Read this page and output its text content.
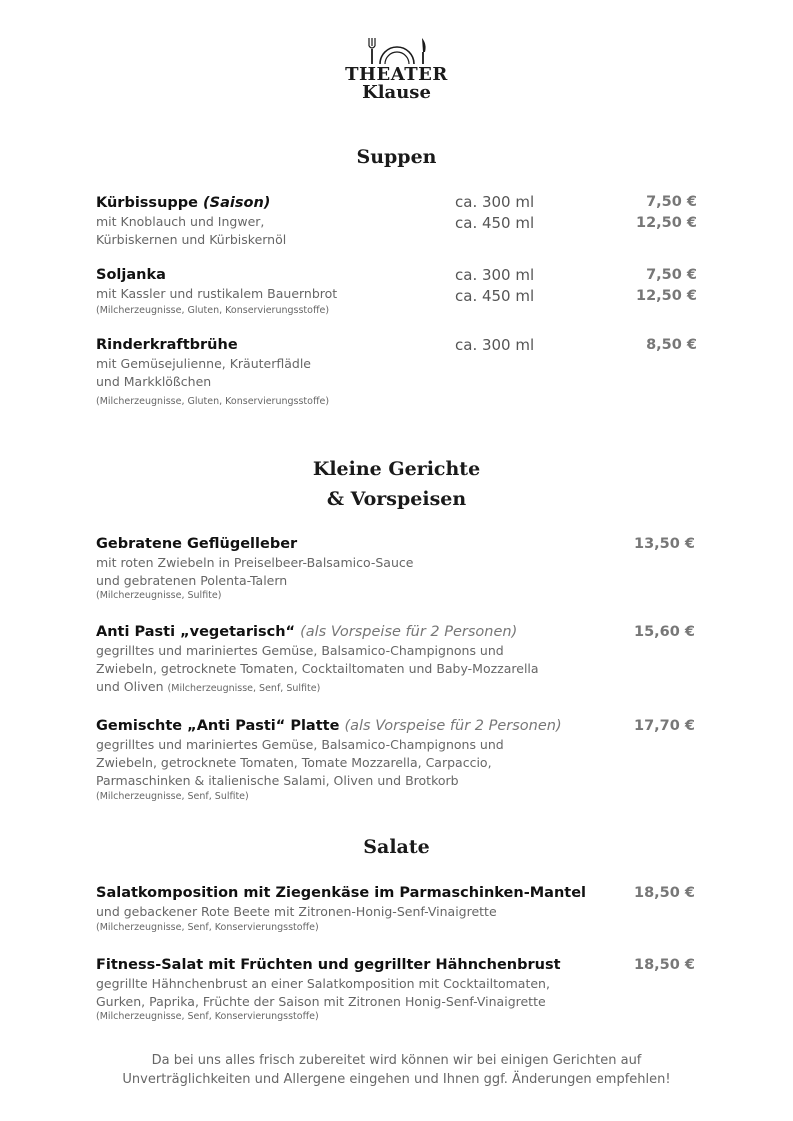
THEATER
Klause
Suppen
Kürbissuppe (Saison)
mit Knoblauch und Ingwer,
Kürbiskernen und Kürbiskernöl
ca. 300 ml
ca. 450 ml
7,50 €
12,50 €
Soljanka
mit Kassler und rustikalem Bauernbrot
(Milcherzeugnisse, Gluten, Konservierungsstoffe)
ca. 300 ml
ca. 450 ml
7,50 €
12,50 €
Rinderkraftbrühe
mit Gemüsejulienne, Kräuterflädle
und Markklößchen
(Milcherzeugnisse, Gluten, Konservierungsstoffe)
ca. 300 ml	8,50 €
Kleine Gerichte
& Vorspeisen
Gebratene Geflügelleber
mit roten Zwiebeln in Preiselbeer-Balsamico-Sauce
und gebratenen Polenta-Talern
(Milcherzeugnisse, Sulfite)
13,50 €
Anti Pasti „vegetarisch“ (als Vorspeise für 2 Personen)
gegrilltes und mariniertes Gemüse, Balsamico-Champignons und
Zwiebeln, getrocknete Tomaten, Cocktailtomaten und Baby-Mozzarella
und Oliven (Milcherzeugnisse, Senf, Sulfite)
15,60 €
Gemischte „Anti Pasti“ Platte (als Vorspeise für 2 Personen)
gegrilltes und mariniertes Gemüse, Balsamico-Champignons und
Zwiebeln, getrocknete Tomaten, Tomate Mozzarella, Carpaccio,
Parmaschinken & italienische Salami, Oliven und Brotkorb
(Milcherzeugnisse, Senf, Sulfite)
17,70 €
Salate
Salatkomposition mit Ziegenkäse im Parmaschinken-Mantel
und gebackener Rote Beete mit Zitronen-Honig-Senf-Vinaigrette
(Milcherzeugnisse, Senf, Konservierungsstoffe)
18,50 €
Fitness-Salat mit Früchten und gegrillter Hähnchenbrust
gegrillte Hähnchenbrust an einer Salatkomposition mit Cocktailtomaten,
Gurken, Paprika, Früchte der Saison mit Zitronen Honig-Senf-Vinaigrette
(Milcherzeugnisse, Senf, Konservierungsstoffe)
18,50 €
Da bei uns alles frisch zubereitet wird können wir bei einigen Gerichten auf
Unverträglichkeiten und Allergene eingehen und Ihnen ggf. Änderungen empfehlen!
